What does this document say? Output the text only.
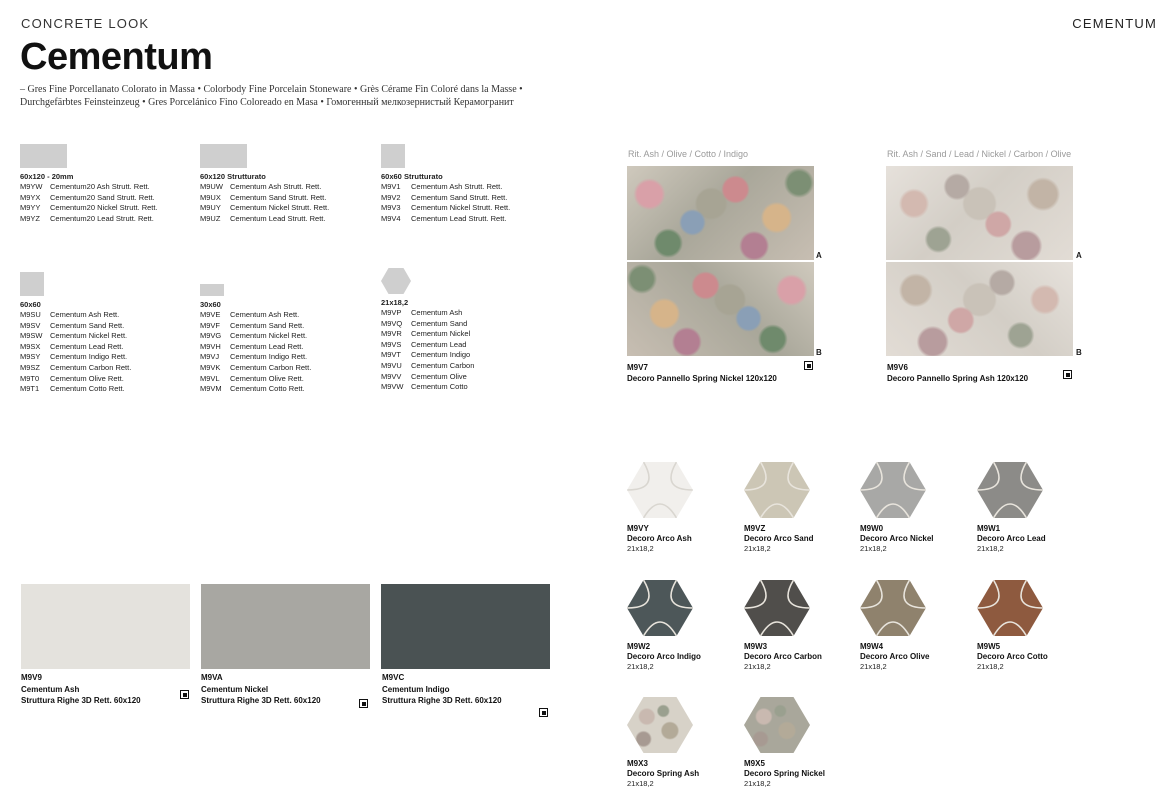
CONCRETE LOOK	CEMENTUM
Cementum
– Gres Fine Porcellanato Colorato in Massa • Colorbody Fine Porcelain Stoneware • Grès Cérame Fin Coloré dans la Masse • Durchgefärbtes Feinsteinzeug • Gres Porcelánico Fino Coloreado en Masa • Гомогенный мелкозернистый Керамогранит
60x120 - 20mm
M9YW	Cementum20 Ash Strutt. Rett.
M9YX	Cementum20 Sand Strutt. Rett.
M9YY	Cementum20 Nickel Strutt. Rett.
M9YZ	Cementum20 Lead Strutt. Rett.
60x120 Strutturato
M9UW Cementum Ash Strutt. Rett.
M9UX	Cementum Sand Strutt. Rett.
M9UY	Cementum Nickel Strutt. Rett.
M9UZ	Cementum Lead Strutt. Rett.
60x60 Strutturato
M9V1	Cementum Ash Strutt. Rett.
M9V2	Cementum Sand Strutt. Rett.
M9V3	Cementum Nickel Strutt. Rett.
M9V4	Cementum Lead Strutt. Rett.
60x60
M9SU	Cementum Ash Rett.
M9SV	Cementum Sand Rett.
M9SW	Cementum Nickel Rett.
M9SX	Cementum Lead Rett.
M9SY	Cementum Indigo Rett.
M9SZ	Cementum Carbon Rett.
M9T0	Cementum Olive Rett.
M9T1	Cementum Cotto Rett.
30x60
M9VE	Cementum Ash Rett.
M9VF	Cementum Sand Rett.
M9VG	Cementum Nickel Rett.
M9VH	Cementum Lead Rett.
M9VJ	Cementum Indigo Rett.
M9VK	Cementum Carbon Rett.
M9VL	Cementum Olive Rett.
M9VM	Cementum Cotto Rett.
21x18,2
M9VP	Cementum Ash
M9VQ	Cementum Sand
M9VR	Cementum Nickel
M9VS	Cementum Lead
M9VT	Cementum Indigo
M9VU	Cementum Carbon
M9VV	Cementum Olive
M9VW	Cementum Cotto
Rit. Ash / Olive / Cotto / Indigo
A
B
M9V7
Decoro Pannello Spring Nickel 120x120
Rit. Ash / Sand / Lead / Nickel / Carbon / Olive
A
B
M9V6
Decoro Pannello Spring Ash 120x120
M9VY
Decoro Arco Ash
21x18,2
M9VZ
Decoro Arco Sand
21x18,2
M9W0
Decoro Arco Nickel
21x18,2
M9W1
Decoro Arco Lead
21x18,2
M9W2
Decoro Arco Indigo
21x18,2
M9W3
Decoro Arco Carbon
21x18,2
M9W4
Decoro Arco Olive
21x18,2
M9W5
Decoro Arco Cotto
21x18,2
M9X3
Decoro Spring Ash
21x18,2
M9X5
Decoro Spring Nickel
21x18,2
M9V9
Cementum Ash
Struttura Righe 3D Rett. 60x120
M9VA
Cementum Nickel
Struttura Righe 3D Rett. 60x120
M9VC
Cementum Indigo
Struttura Righe 3D Rett. 60x120
